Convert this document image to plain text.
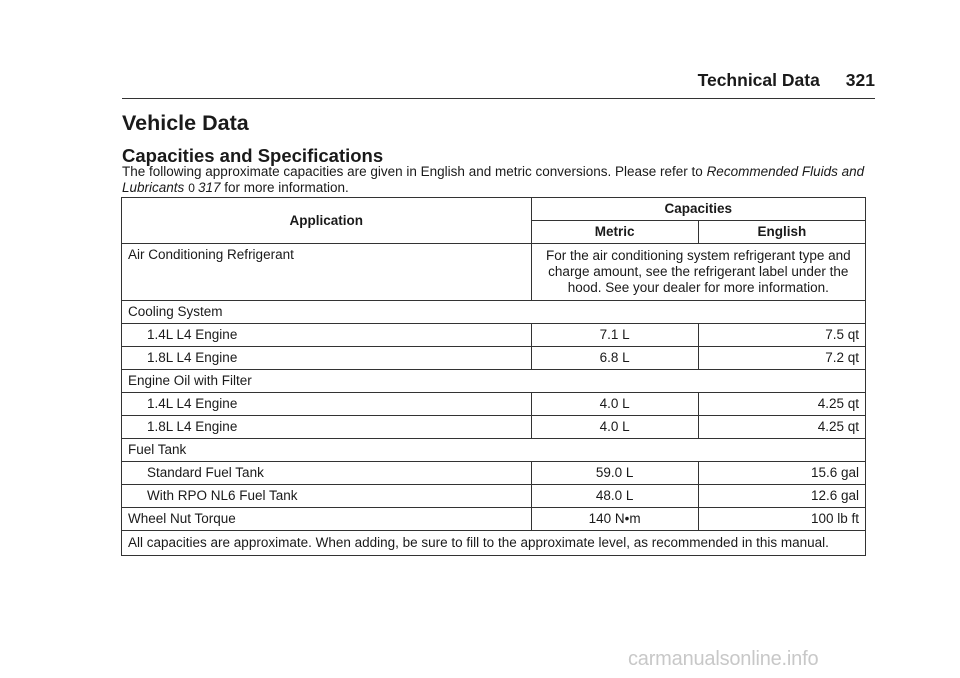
Technical Data 321
Vehicle Data
Capacities and Specifications
The following approximate capacities are given in English and metric conversions. Please refer to Recommended Fluids and Lubricants 0 317 for more information.
Application	Capacities	
	Metric	English
Air Conditioning Refrigerant	For the air conditioning system refrigerant type and charge amount, see the refrigerant label under the hood. See your dealer for more information.	
Cooling System		
1.4L L4 Engine	7.1 L	7.5 qt
1.8L L4 Engine	6.8 L	7.2 qt
Engine Oil with Filter		
1.4L L4 Engine	4.0 L	4.25 qt
1.8L L4 Engine	4.0 L	4.25 qt
Fuel Tank		
Standard Fuel Tank	59.0 L	15.6 gal
With RPO NL6 Fuel Tank	48.0 L	12.6 gal
Wheel Nut Torque	140 N•m	100 lb ft
All capacities are approximate. When adding, be sure to fill to the approximate level, as recommended in this manual.		
carmanualsonline.info
